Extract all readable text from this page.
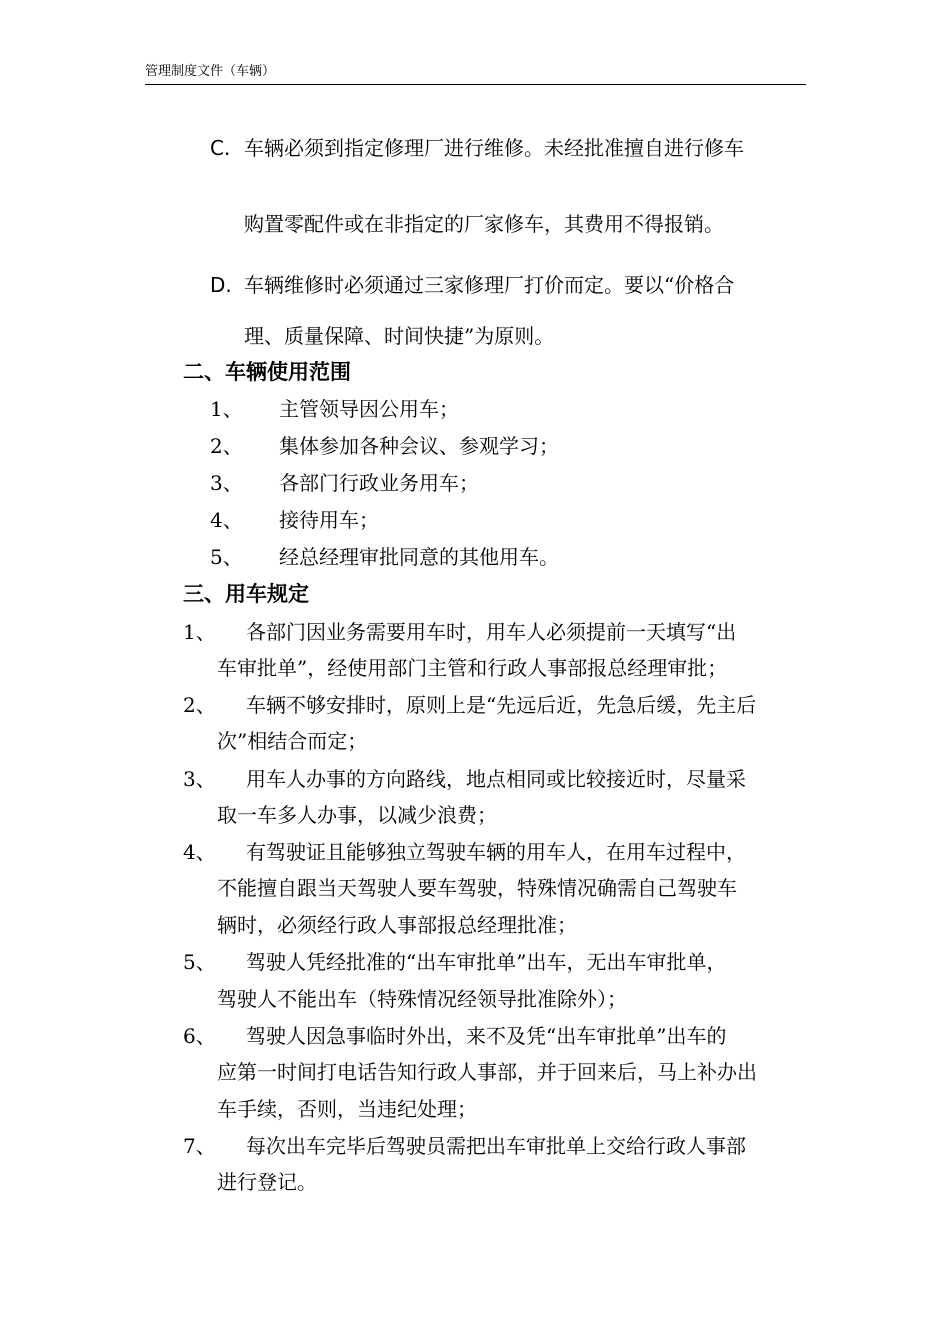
管理制度文件（车辆）
C. 车辆必须到指定修理厂进行维修。未经批准擅自进行修车
购置零配件或在非指定的厂家修车，其费用不得报销。
D. 车辆维修时必须通过三家修理厂打价而定。要以“价格合
理、质量保障、时间快捷”为原则。
二、车辆使用范围
1、 主管领导因公用车；
2、 集体参加各种会议、参观学习；
3、 各部门行政业务用车；
4、 接待用车；
5、 经总经理审批同意的其他用车。
三、用车规定
1、 各部门因业务需要用车时，用车人必须提前一天填写“出
车审批单”，经使用部门主管和行政人事部报总经理审批；
2、 车辆不够安排时，原则上是“先远后近，先急后缓，先主后
次”相结合而定；
3、 用车人办事的方向路线，地点相同或比较接近时，尽量采
取一车多人办事，以减少浪费；
4、 有驾驶证且能够独立驾驶车辆的用车人，在用车过程中，
不能擅自跟当天驾驶人要车驾驶，特殊情况确需自己驾驶车
辆时，必须经行政人事部报总经理批准；
5、 驾驶人凭经批准的“出车审批单”出车，无出车审批单，
驾驶人不能出车（特殊情况经领导批准除外）；
6、 驾驶人因急事临时外出，来不及凭“出车审批单”出车的
应第一时间打电话告知行政人事部，并于回来后，马上补办出
车手续，否则，当违纪处理；
7、 每次出车完毕后驾驶员需把出车审批单上交给行政人事部
进行登记。
